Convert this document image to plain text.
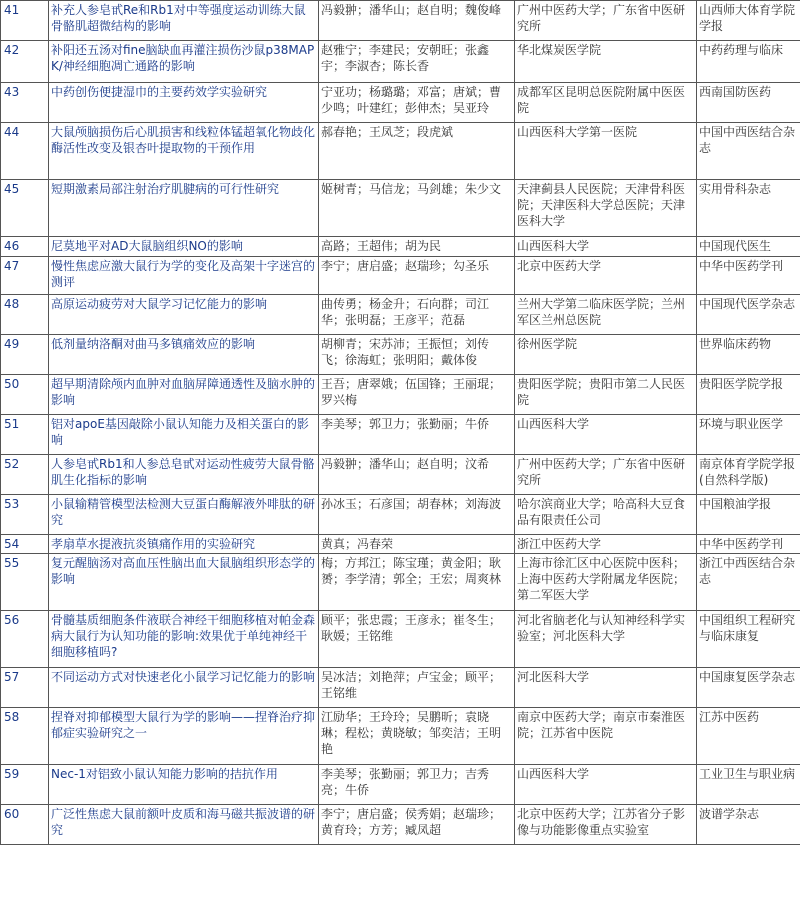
41	补充人参皂甙Re和Rb1对中等强度运动训练大鼠骨骼肌超微结构的影响	冯毅翀；潘华山；赵自明；魏俊峰	广州中医药大学；广东省中医研究所	山西师大体育学院学报
42	补阳还五汤对fine脑缺血再灌注损伤沙鼠p38MAPK/神经细胞凋亡通路的影响	赵雅宁；李建民；安朝旺；张鑫宇；李淑杏；陈长香	华北煤炭医学院	中药药理与临床
43	中药创伤便捷湿巾的主要药效学实验研究	宁亚功；杨璐璐；邓富；唐斌；曹少鸣；叶建红；彭伸杰；吴亚玲	成都军区昆明总医院附属中医医院	西南国防医药
44	大鼠颅脑损伤后心肌损害和线粒体锰超氧化物歧化酶活性改变及银杏叶提取物的干预作用	郝春艳；王凤芝；段虎斌	山西医科大学第一医院	中国中西医结合杂志
45	短期激素局部注射治疗肌腱病的可行性研究	姬树青；马信龙；马剑雄；朱少文	天津蓟县人民医院；天津骨科医院；天津医科大学总医院；天津医科大学	实用骨科杂志
46	尼莫地平对AD大鼠脑组织NO的影响	高路；王超伟；胡为民	山西医科大学	中国现代医生
47	慢性焦虑应激大鼠行为学的变化及高架十字迷宫的测评	李宁；唐启盛；赵瑞珍；勾圣乐	北京中医药大学	中华中医药学刊
48	高原运动疲劳对大鼠学习记忆能力的影响	曲传勇；杨金升；石向群；司江华；张明磊；王彦平；范磊	兰州大学第二临床医学院；兰州军区兰州总医院	中国现代医学杂志
49	低剂量纳洛酮对曲马多镇痛效应的影响	胡柳青；宋苏沛；王振恒；刘传飞；徐海虹；张明阳；戴体俊	徐州医学院	世界临床药物
50	超早期清除颅内血肿对血脑屏障通透性及脑水肿的影响	王吾；唐翠娥；伍国锋；王丽琨；罗兴梅	贵阳医学院；贵阳市第二人民医院	贵阳医学院学报
51	铝对apoE基因敲除小鼠认知能力及相关蛋白的影响	李美琴；郭卫力；张勤丽；牛侨	山西医科大学	环境与职业医学
52	人参皂甙Rb1和人参总皂甙对运动性疲劳大鼠骨骼肌生化指标的影响	冯毅翀；潘华山；赵自明；汶希	广州中医药大学；广东省中医研究所	南京体育学院学报(自然科学版)
53	小鼠输精管模型法检测大豆蛋白酶解液外啡肽的研究	孙冰玉；石彦国；胡春林；刘海波	哈尔滨商业大学；哈高科大豆食品有限责任公司	中国粮油学报
54	孝扇草水提液抗炎镇痛作用的实验研究	黄真；冯春荣	浙江中医药大学	中华中医药学刊
55	复元醒脑汤对高血压性脑出血大鼠脑组织形态学的影响	梅；方邦江；陈宝瑾；黄金阳；耿赟；李学清；郭全；王宏；周爽林	上海市徐汇区中心医院中医科；上海中医药大学附属龙华医院；第二军医大学	浙江中西医结合杂志
56	骨髓基质细胞条件液联合神经干细胞移植对帕金森病大鼠行为认知功能的影响:效果优于单纯神经干细胞移植吗?	顾平；张忠霞；王彦永；崔冬生；耿媛；王铭维	河北省脑老化与认知神经科学实验室；河北医科大学	中国组织工程研究与临床康复
57	不同运动方式对快速老化小鼠学习记忆能力的影响	吴冰洁；刘艳萍；卢宝金；顾平；王铭维	河北医科大学	中国康复医学杂志
58	捏脊对抑郁模型大鼠行为学的影响——捏脊治疗抑郁症实验研究之一	江励华；王玲玲；吴鹏昕；袁晓琳；程松；黄晓敏；邹奕洁；王明艳	南京中医药大学；南京市秦淮医院；江苏省中医院	江苏中医药
59	Nec-1对铝致小鼠认知能力影响的拮抗作用	李美琴；张勤丽；郭卫力；吉秀亮；牛侨	山西医科大学	工业卫生与职业病
60	广泛性焦虑大鼠前额叶皮质和海马磁共振波谱的研究	李宁；唐启盛；侯秀娟；赵瑞珍；黄育玲；方芳；臧凤超	北京中医药大学；江苏省分子影像与功能影像重点实验室	波谱学杂志
